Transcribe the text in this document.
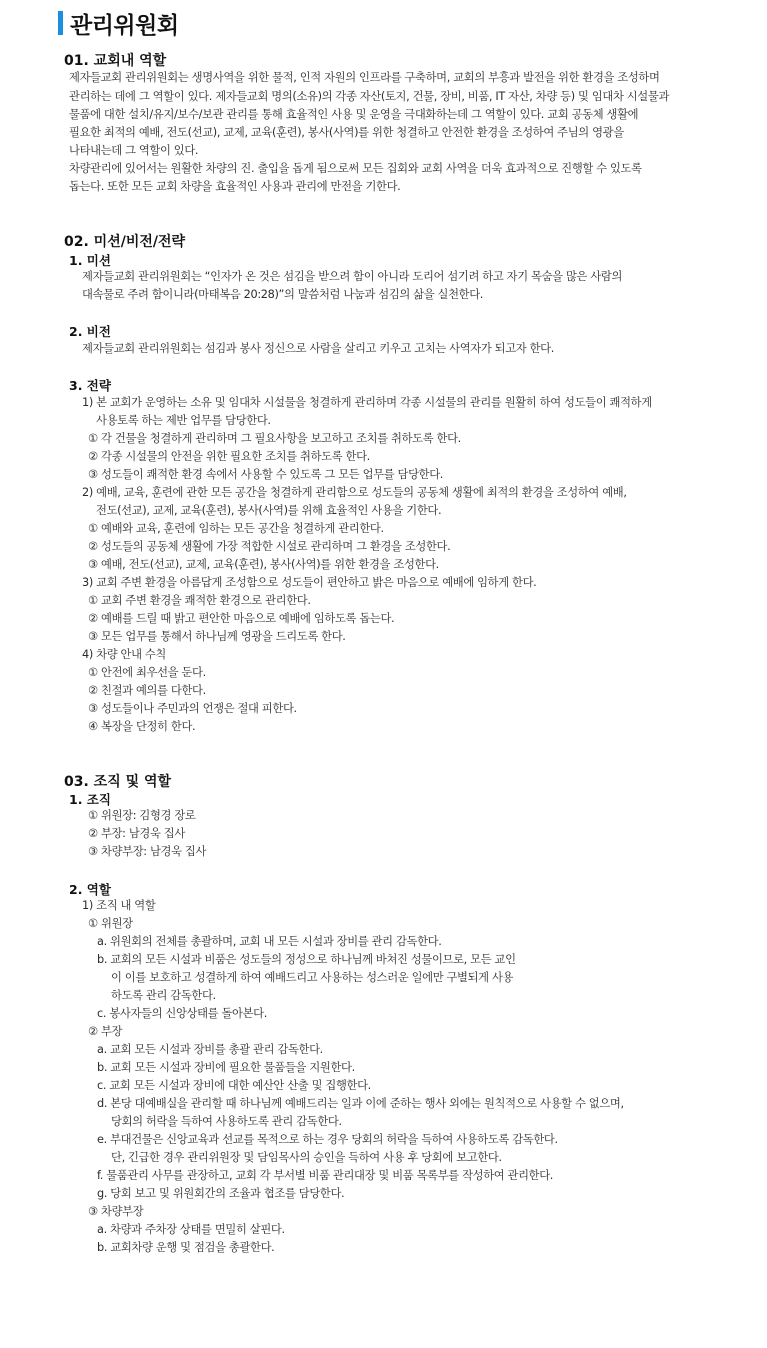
관리위원회
01. 교회내 역할
제자들교회 관리위원회는 생명사역을 위한 물적, 인적 자원의 인프라를 구축하며, 교회의 부흥과 발전을 위한 환경을 조성하며
관리하는 데에 그 역할이 있다. 제자들교회 명의(소유)의 각종 자산(토지, 건물, 장비, 비품, IT 자산, 차량 등) 및 임대차 시설물과
물품에 대한 설치/유지/보수/보관 관리를 통해 효율적인 사용 및 운영을 극대화하는데 그 역할이 있다. 교회 공동체 생활에
필요한 최적의 예배, 전도(선교), 교제, 교육(훈련), 봉사(사역)를 위한 청결하고 안전한 환경을 조성하여 주님의 영광을
나타내는데 그 역할이 있다.
차량관리에 있어서는 원활한 차량의 진. 출입을 돕게 됨으로써 모든 집회와 교회 사역을 더욱 효과적으로 진행할 수 있도록
돕는다. 또한 모든 교회 차량을 효율적인 사용과 관리에 만전을 기한다.
02. 미션/비전/전략
1. 미션
제자들교회 관리위원회는 “인자가 온 것은 섬김을 받으려 함이 아니라 도리어 섬기려 하고 자기 목숨을 많은 사람의
대속물로 주려 함이니라(마태복음 20:28)”의 말씀처럼 나눔과 섬김의 삶을 실천한다.
2. 비전
제자들교회 관리위원회는 섬김과 봉사 정신으로 사람을 살리고 키우고 고치는 사역자가 되고자 한다.
3. 전략
1) 본 교회가 운영하는 소유 및 임대차 시설물을 청결하게 관리하며 각종 시설물의 관리를 원활히 하여 성도들이 쾌적하게
사용토록 하는 제반 업무를 담당한다.
① 각 건물을 청결하게 관리하며 그 필요사항을 보고하고 조치를 취하도록 한다.
② 각종 시설물의 안전을 위한 필요한 조치를 취하도록 한다.
③ 성도들이 쾌적한 환경 속에서 사용할 수 있도록 그 모든 업무를 담당한다.
2) 예배, 교육, 훈련에 관한 모든 공간을 청결하게 관리함으로 성도들의 공동체 생활에 최적의 환경을 조성하여 예배,
전도(선교), 교제, 교육(훈련), 봉사(사역)를 위해 효율적인 사용을 기한다.
① 예배와 교육, 훈련에 임하는 모든 공간을 청결하게 관리한다.
② 성도들의 공동체 생활에 가장 적합한 시설로 관리하며 그 환경을 조성한다.
③ 예배, 전도(선교), 교제, 교육(훈련), 봉사(사역)를 위한 환경을 조성한다.
3) 교회 주변 환경을 아름답게 조성함으로 성도들이 편안하고 밝은 마음으로 예배에 임하게 한다.
① 교회 주변 환경을 쾌적한 환경으로 관리한다.
② 예배를 드릴 때 밝고 편안한 마음으로 예배에 임하도록 돕는다.
③ 모든 업무를 통해서 하나님께 영광을 드리도록 한다.
4) 차량 안내 수칙
① 안전에 최우선을 둔다.
② 친절과 예의를 다한다.
③ 성도들이나 주민과의 언쟁은 절대 피한다.
④ 복장을 단정히 한다.
03. 조직 및 역할
1. 조직
① 위원장: 김형경 장로
② 부장: 남경욱 집사
③ 차량부장: 남경욱 집사
2. 역할
1) 조직 내 역할
① 위원장
a. 위원회의 전체를 총괄하며, 교회 내 모든 시설과 장비를 관리 감독한다.
b. 교회의 모든 시설과 비품은 성도들의 정성으로 하나님께 바쳐진 성물이므로, 모든 교인
이 이를 보호하고 성결하게 하여 예배드리고 사용하는 성스러운 일에만 구별되게 사용
하도록 관리 감독한다.
c. 봉사자들의 신앙상태를 돌아본다.
② 부장
a. 교회 모든 시설과 장비를 총괄 관리 감독한다.
b. 교회 모든 시설과 장비에 필요한 물품들을 지원한다.
c. 교회 모든 시설과 장비에 대한 예산안 산출 및 집행한다.
d. 본당 대예배실을 관리할 때 하나님께 예배드리는 일과 이에 준하는 행사 외에는 원칙적으로 사용할 수 없으며,
당회의 허락을 득하여 사용하도록 관리 감독한다.
e. 부대건물은 신앙교육과 선교를 목적으로 하는 경우 당회의 허락을 득하여 사용하도록 감독한다.
단, 긴급한 경우 관리위원장 및 담임목사의 승인을 득하여 사용 후 당회에 보고한다.
f. 물품관리 사무를 관장하고, 교회 각 부서별 비품 관리대장 및 비품 목록부를 작성하여 관리한다.
g. 당회 보고 및 위원회간의 조율과 협조를 담당한다.
③ 차량부장
a. 차량과 주차장 상태를 면밀히 살핀다.
b. 교회차량 운행 및 점검을 총괄한다.
